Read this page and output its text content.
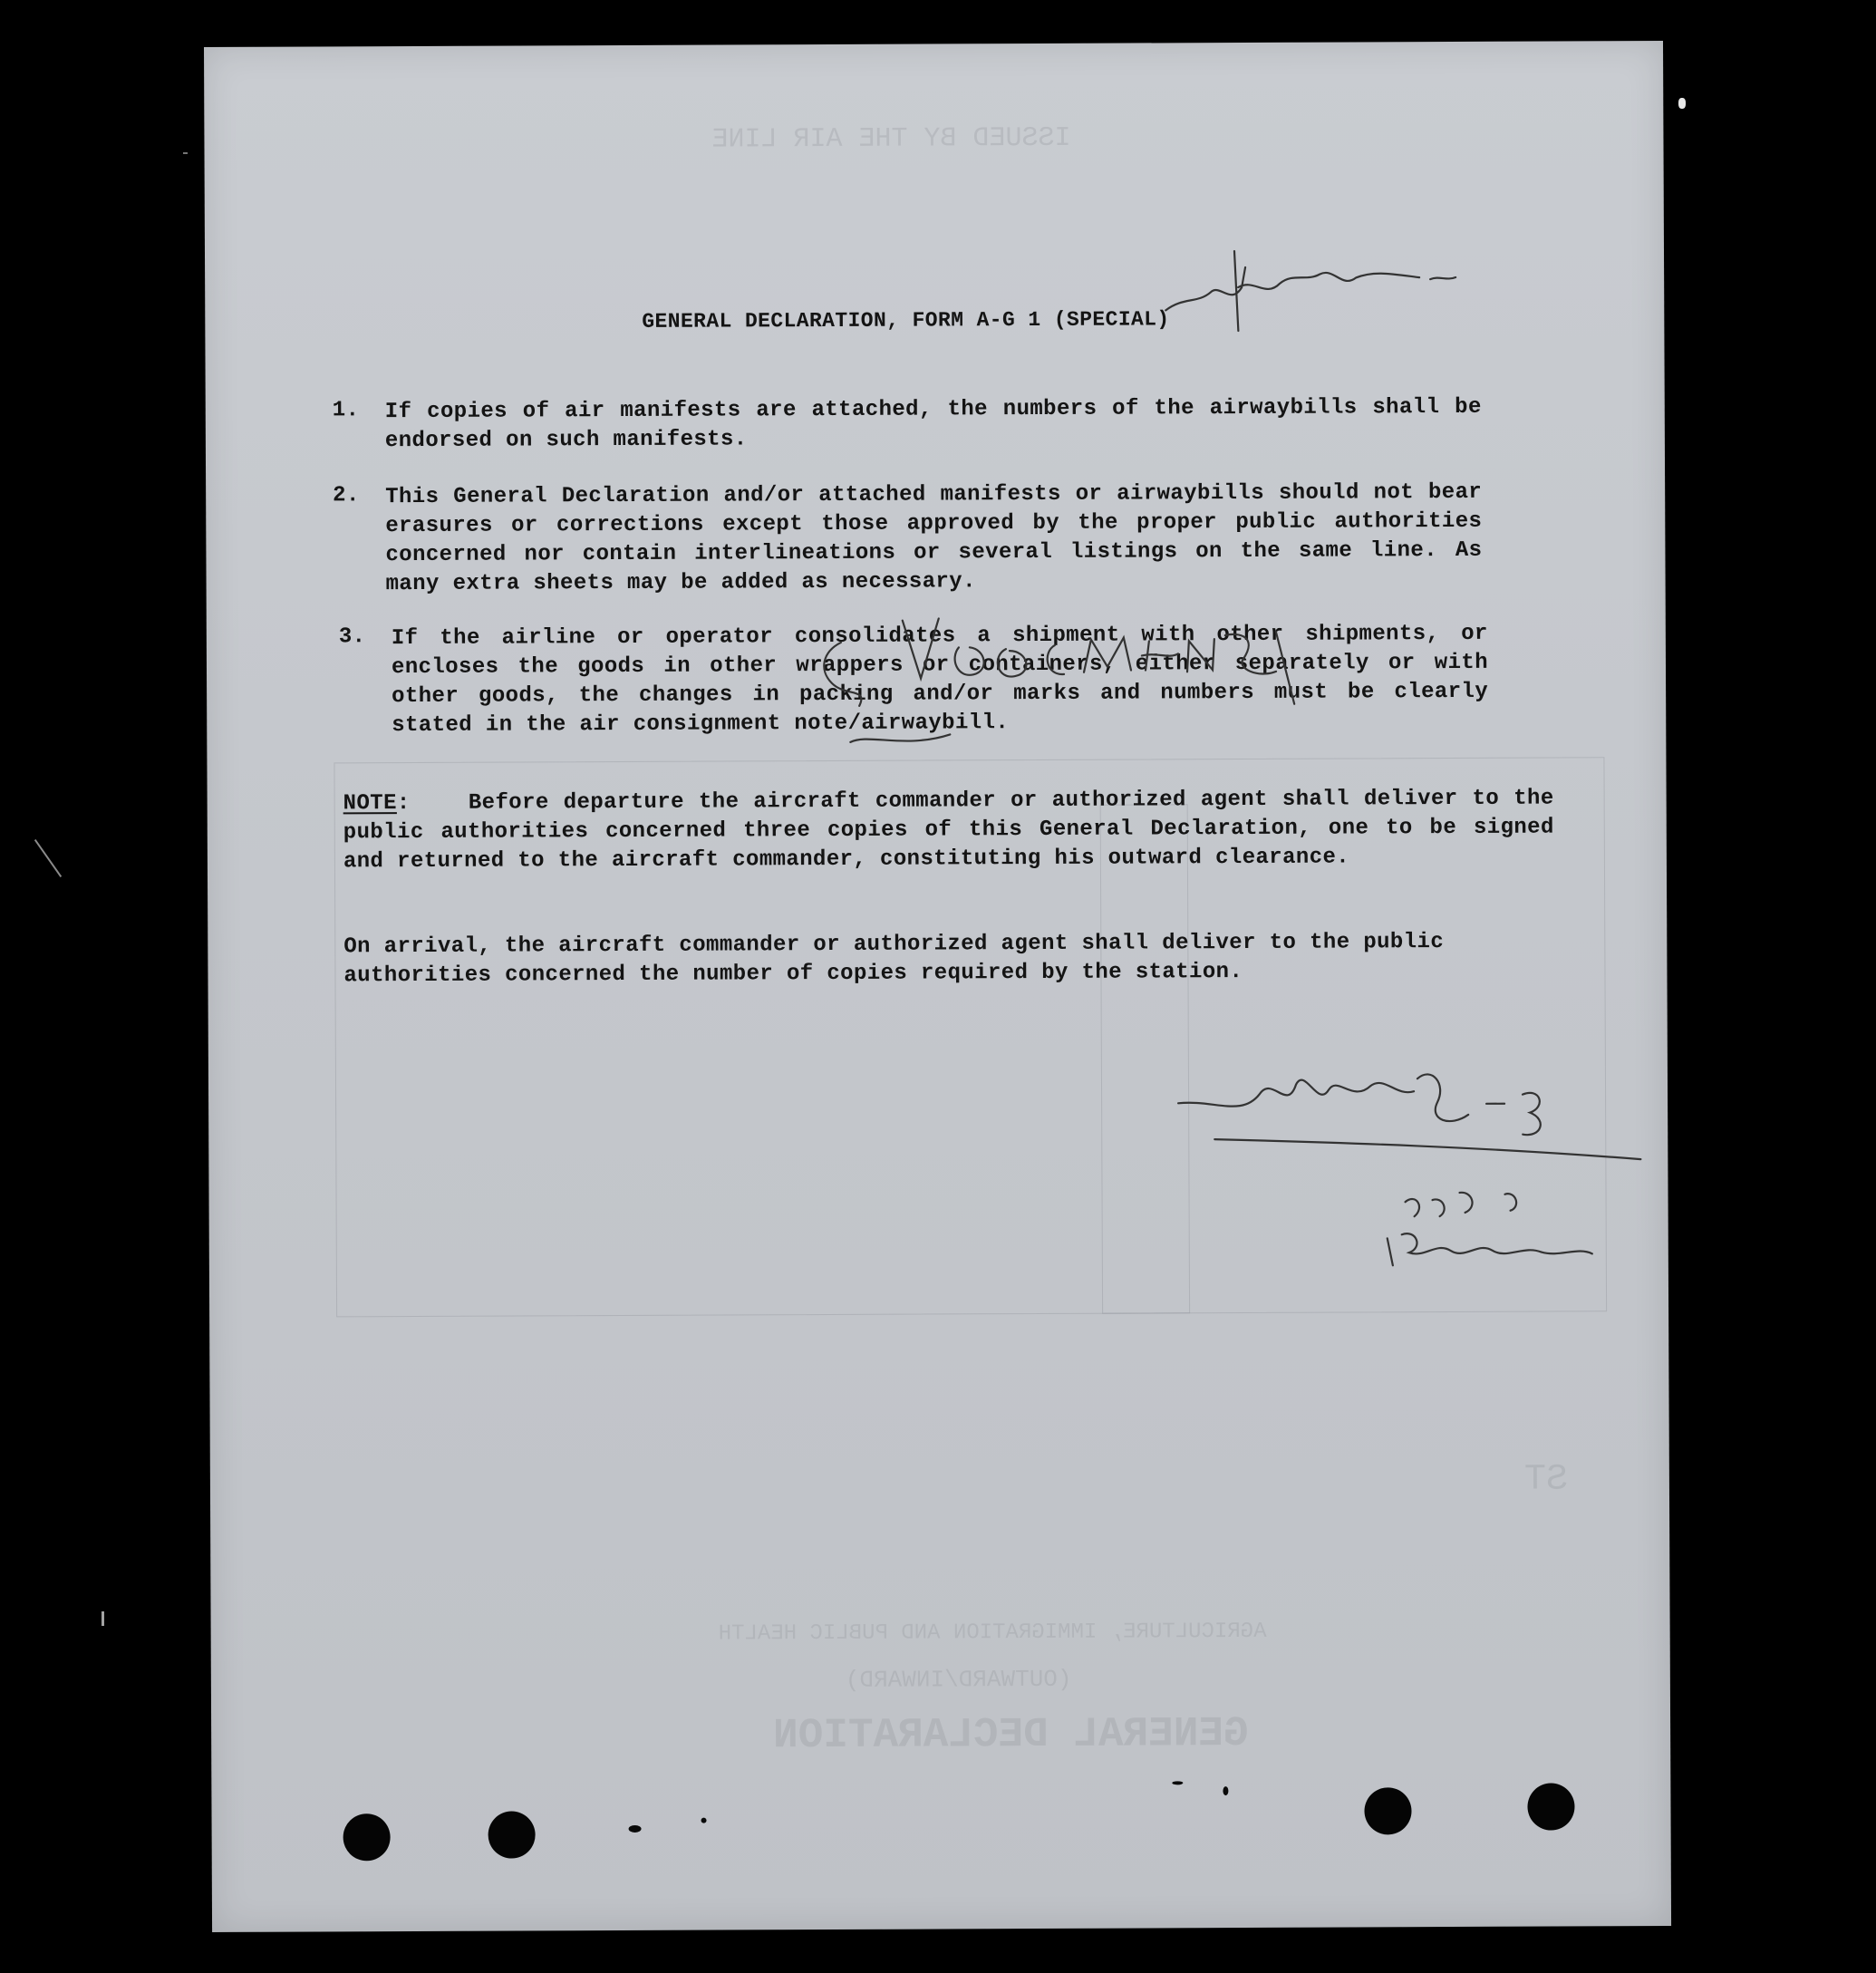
GENERAL DECLARATION
(OUTWARD/INWARD)
AGRICULTURE, IMMIGRATION AND PUBLIC HEALTH
ST
ISSUED BY THE AIR LINE
GENERAL DECLARATION, FORM A-G 1 (SPECIAL)
1. If copies of air manifests are attached, the numbers of the airwaybills shall be endorsed on such manifests.
2. This General Declaration and/or attached manifests or airwaybills should not bear erasures or corrections except those approved by the proper public authorities concerned nor contain interlineations or several listings on the same line. As many extra sheets may be added as necessary.
3. If the airline or operator consolidates a shipment with other shipments, or encloses the goods in other wrappers or containers, either separately or with other goods, the changes in packing and/or marks and numbers must be clearly stated in the air consignment note/airwaybill.
NOTE:    Before departure the aircraft commander or authorized agent shall deliver to the public authorities concerned three copies of this General Declaration, one to be signed and returned to the aircraft commander, constituting his outward clearance.
On arrival, the aircraft commander or authorized agent shall deliver to the public authorities concerned the number of copies required by the station.
